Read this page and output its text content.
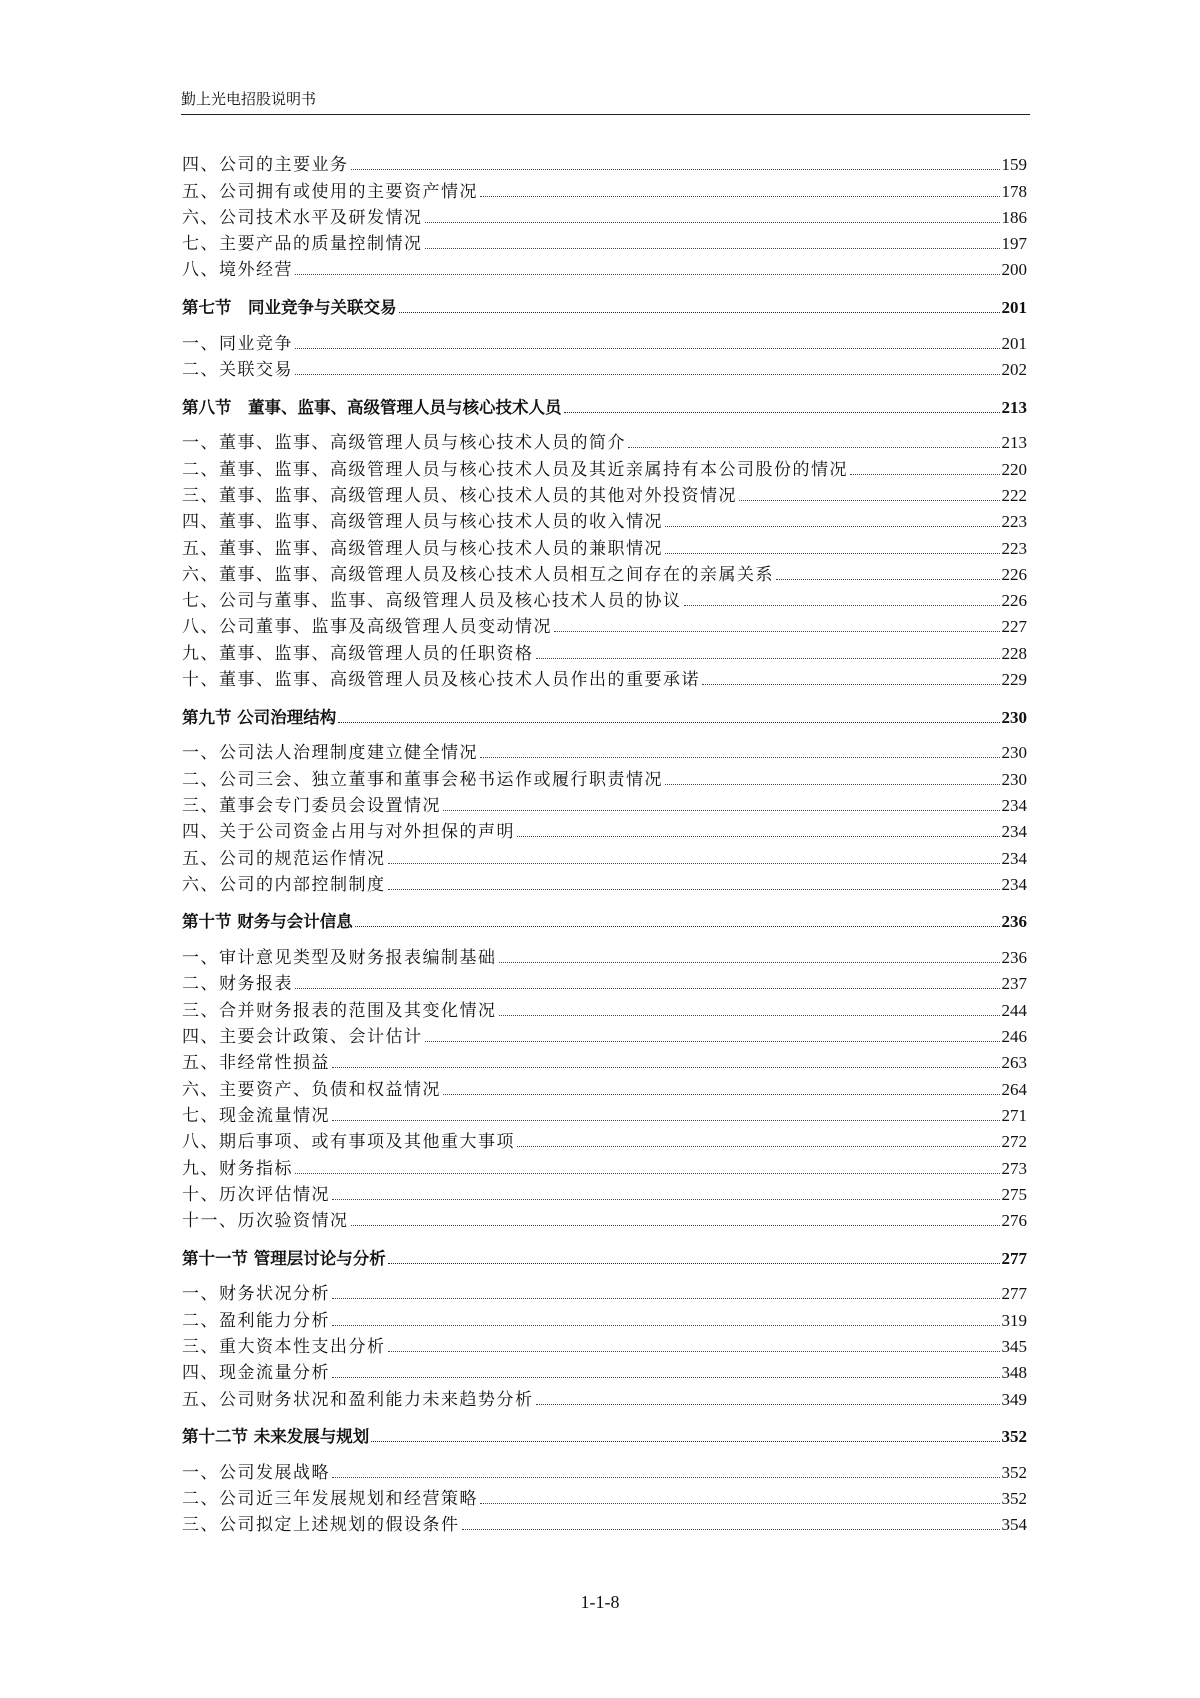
勤上光电招股说明书
四、公司的主要业务	159
五、公司拥有或使用的主要资产情况	178
六、公司技术水平及研发情况	186
七、主要产品的质量控制情况	197
八、境外经营	200
第七节　同业竞争与关联交易	201
一、同业竞争	201
二、关联交易	202
第八节　董事、监事、高级管理人员与核心技术人员	213
一、董事、监事、高级管理人员与核心技术人员的简介	213
二、董事、监事、高级管理人员与核心技术人员及其近亲属持有本公司股份的情况	220
三、董事、监事、高级管理人员、核心技术人员的其他对外投资情况	222
四、董事、监事、高级管理人员与核心技术人员的收入情况	223
五、董事、监事、高级管理人员与核心技术人员的兼职情况	223
六、董事、监事、高级管理人员及核心技术人员相互之间存在的亲属关系	226
七、公司与董事、监事、高级管理人员及核心技术人员的协议	226
八、公司董事、监事及高级管理人员变动情况	227
九、董事、监事、高级管理人员的任职资格	228
十、董事、监事、高级管理人员及核心技术人员作出的重要承诺	229
第九节 公司治理结构	230
一、公司法人治理制度建立健全情况	230
二、公司三会、独立董事和董事会秘书运作或履行职责情况	230
三、董事会专门委员会设置情况	234
四、关于公司资金占用与对外担保的声明	234
五、公司的规范运作情况	234
六、公司的内部控制制度	234
第十节 财务与会计信息	236
一、审计意见类型及财务报表编制基础	236
二、财务报表	237
三、合并财务报表的范围及其变化情况	244
四、主要会计政策、会计估计	246
五、非经常性损益	263
六、主要资产、负债和权益情况	264
七、现金流量情况	271
八、期后事项、或有事项及其他重大事项	272
九、财务指标	273
十、历次评估情况	275
十一、历次验资情况	276
第十一节 管理层讨论与分析	277
一、财务状况分析	277
二、盈利能力分析	319
三、重大资本性支出分析	345
四、现金流量分析	348
五、公司财务状况和盈利能力未来趋势分析	349
第十二节 未来发展与规划	352
一、公司发展战略	352
二、公司近三年发展规划和经营策略	352
三、公司拟定上述规划的假设条件	354
1-1-8
